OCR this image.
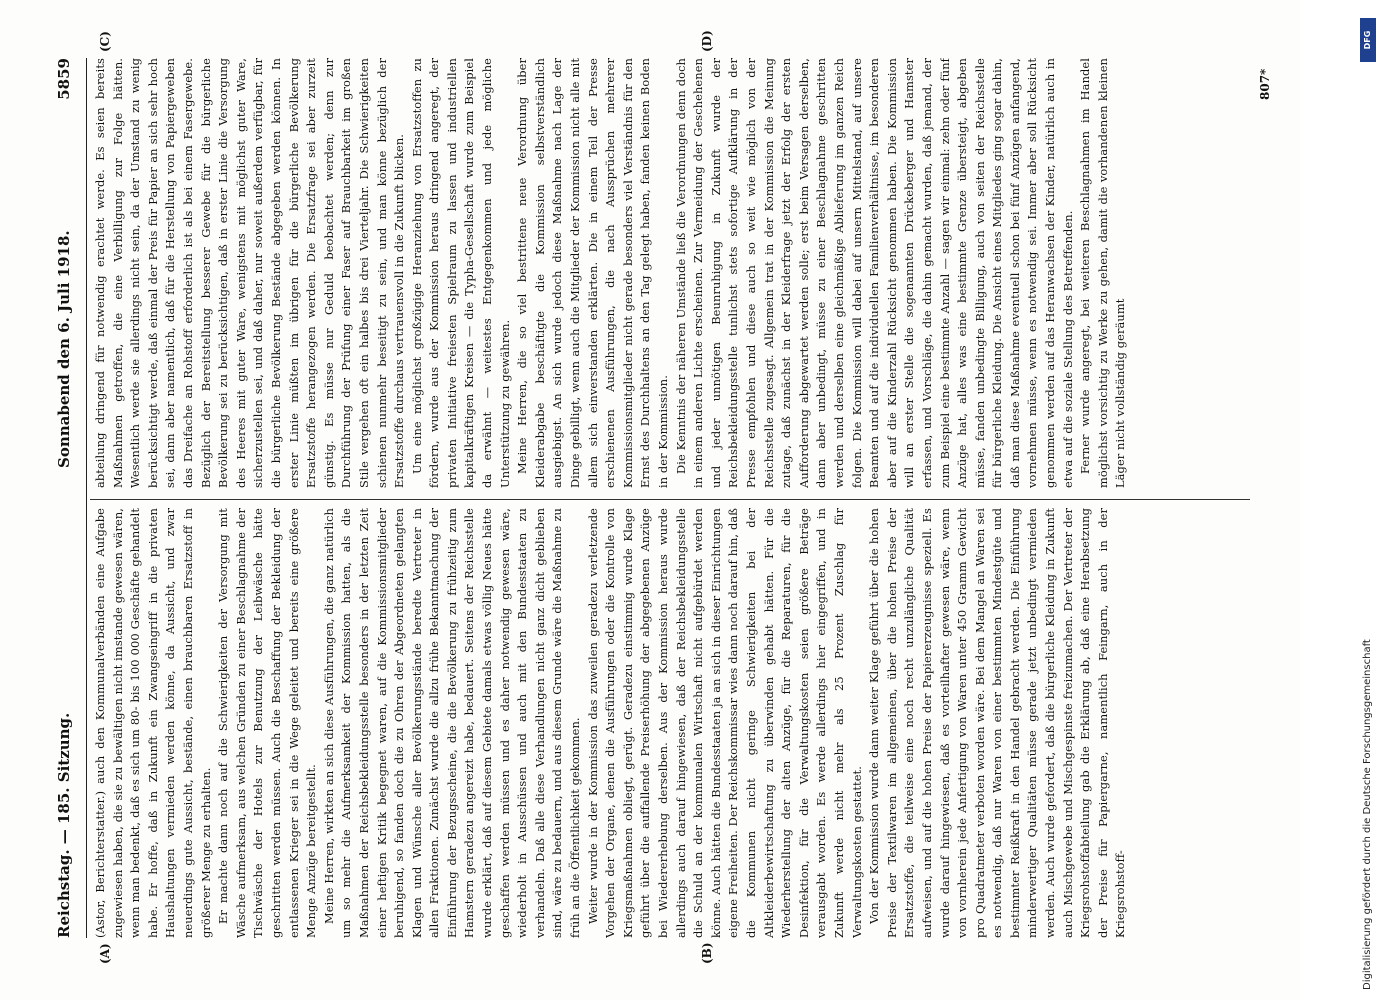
Reichstag. — 185. Sitzung.
Sonnabend den 6. Juli 1918.
5859
(A)	(B)
(C)	(D)

(Astor, Berichterstatter.) auch den Kommunalverbänden eine Aufgabe zugewiesen haben, die sie zu bewältigen nicht imstande gewesen wären, wenn man bedenkt, daß es sich um 80- bis 100 000 Geschäfte gehandelt habe. Er hoffe, daß in Zukunft ein Zwangseingriff in die privaten Haushaltungen vermieden werden könne, da Aussicht, und zwar neuerdings gute Aussicht, bestände, einen brauchbaren Ersatzstoff in größerer Menge zu erhalten. Er machte dann noch auf die Schwierigkeiten der Versorgung mit Wäsche aufmerksam, aus welchen Gründen zu einer Beschlagnahme der Tischwäsche der Hotels zur Benutzung der Leibwäsche hätte geschritten werden müssen. Auch die Beschaffung der Bekleidung der entlassenen Krieger sei in die Wege geleitet und bereits eine größere Menge Anzüge bereitgestellt. Meine Herren, wirkten an sich diese Ausführungen, die ganz natürlich um so mehr die Aufmerksamkeit der Kommission hatten, als die Maßnahmen der Reichsbekleidungsstelle besonders in der letzten Zeit einer heftigen Kritik begegnet waren, auf die Kommissionsmitglieder beruhigend, so fanden doch die zu Ohren der Abgeordneten gelangten Klagen und Wünsche aller Bevölkerungsstände beredte Vertreter in allen Fraktionen. Zunächst wurde die allzu frühe Bekanntmachung der Einführung der Bezugsscheine, die die Bevölkerung zu frühzeitig zum Hamstern geradezu angereizt habe, bedauert. Seitens der Reichsstelle wurde erklärt, daß auf diesem Gebiete damals etwas völlig Neues hätte geschaffen werden müssen und es daher notwendig gewesen wäre, wiederholt in Ausschüssen und auch mit den Bundesstaaten zu verhandeln. Daß alle diese Verhandlungen nicht ganz dicht geblieben sind, wäre zu bedauern, und aus diesem Grunde wäre die Maßnahme zu früh an die Öffentlichkeit gekommen. Weiter wurde in der Kommission das zuweilen geradezu verletzende Vorgehen der Organe, denen die Ausführungen oder die Kontrolle von Kriegsmaßnahmen obliegt, gerügt. Geradezu einstimmig wurde Klage geführt über die auffallende Preiserhöhung der abgegebenen Anzüge bei Wiedererhebung derselben. Aus der Kommission heraus wurde allerdings auch darauf hingewiesen, daß der Reichsbekleidungsstelle die Schuld an der kommunalen Wirtschaft nicht aufgebürdet werden könne. Auch hätten die Bundesstaaten ja an sich in dieser Einrichtungen eigene Freiheiten. Der Reichskommissar wies dann noch darauf hin, daß die Kommunen nicht geringe Schwierigkeiten bei der Altkleiderbewirtschaftung zu überwinden gehabt hätten. Für die Wiederherstellung der alten Anzüge, für die Reparaturen, für die Desinfektion, für die Verwaltungskosten seien größere Beträge verausgabt worden. Es werde allerdings hier eingegriffen, und in Zukunft werde nicht mehr als 25 Prozent Zuschlag für Verwaltungskosten gestattet. Von der Kommission wurde dann weiter Klage geführt über die hohen Preise der Textilwaren im allgemeinen, über die hohen Preise der Ersatzstoffe, die teilweise eine noch recht unzulängliche Qualität aufweisen, und auf die hohen Preise der Papiererzeugnisse speziell. Es wurde darauf hingewiesen, daß es vorteilhafter gewesen wäre, wenn von vornherein jede Anfertigung von Waren unter 450 Gramm Gewicht pro Quadratmeter verboten worden wäre. Bei dem Mangel an Waren sei es notwendig, daß nur Waren von einer bestimmten Mindestgüte und bestimmter Reißkraft in den Handel gebracht werden. Die Einführung minderwertiger Qualitäten müsse gerade jetzt unbedingt vermieden werden. Auch wurde gefordert, daß die bürgerliche Kleidung in Zukunft auch Mischgewebe und Mischgespinste freizumachen. Der Vertreter der Kriegsrohstoffabteilung gab die Erklärung ab, daß eine Herabsetzung der Preise für Papiergarne, namentlich Feingarn, auch in der Kriegsrohstoff-

abteilung dringend für notwendig erachtet werde. Es seien bereits Maßnahmen getroffen, die eine Verbilligung zur Folge hätten. Wesentlich werde sie allerdings nicht sein, da der Umstand zu wenig berücksichtigt werde, daß einmal der Preis für Papier an sich sehr hoch sei, dann aber namentlich, daß für die Herstellung von Papiergeweben das Dreifache an Rohstoff erforderlich ist als bei einem Fasergewebe. Bezüglich der Bereitstellung besserer Gewebe für die bürgerliche Bevölkerung sei zu berücksichtigen, daß in erster Linie die Versorgung des Heeres mit guter Ware, wenigstens mit möglichst guter Ware, sicherzustellen sei, und daß daher, nur soweit außerdem verfügbar, für die bürgerliche Bevölkerung Bestände abgegeben werden können. In erster Linie müßten im übrigen für die bürgerliche Bevölkerung Ersatzstoffe herangezogen werden. Die Ersatzfrage sei aber zurzeit günstig. Es müsse nur Geduld beobachtet werden; denn zur Durchführung der Prüfung einer Faser auf Brauchbarkeit im großen Stile vergehen oft ein halbes bis drei Vierteljahr. Die Schwierigkeiten schienen nunmehr beseitigt zu sein, und man könne bezüglich der Ersatzstoffe durchaus vertrauensvoll in die Zukunft blicken. Um eine möglichst großzügige Heranziehung von Ersatzstoffen zu fördern, wurde aus der Kommission heraus dringend angeregt, der privaten Initiative freiesten Spielraum zu lassen und industriellen kapitalkräftigen Kreisen — die Typha-Gesellschaft wurde zum Beispiel da erwähnt — weitestes Entgegenkommen und jede mögliche Unterstützung zu gewähren. Meine Herren, die so viel bestrittene neue Verordnung über Kleiderabgabe beschäftigte die Kommission selbstverständlich ausgiebigst. An sich wurde jedoch diese Maßnahme nach Lage der Dinge gebilligt, wenn auch die Mitglieder der Kommission nicht alle mit allem sich einverstanden erklärten. Die in einem Teil der Presse erschienenen Ausführungen, die nach Aussprüchen mehrerer Kommissionsmitglieder nicht gerade besonders viel Verständnis für den Ernst des Durchhaltens an den Tag gelegt haben, fanden keinen Boden in der Kommission. Die Kenntnis der näheren Umstände ließ die Verordnungen denn doch in einem anderen Lichte erscheinen. Zur Vermeidung der Geschehenen und jeder unnötigen Beunruhigung in Zukunft wurde der Reichsbekleidungsstelle tunlichst stets sofortige Aufklärung in der Presse empfohlen und diese auch so weit wie möglich von der Reichsstelle zugesagt. Allgemein trat in der Kommission die Meinung zutage, daß zunächst in der Kleiderfrage jetzt der Erfolg der ersten Aufforderung abgewartet werden solle; erst beim Versagen derselben, dann aber unbedingt, müsse zu einer Beschlagnahme geschritten werden und derselben eine gleichmäßige Ablieferung im ganzen Reich folgen. Die Kommission will dabei auf unsern Mittelstand, auf unsere Beamten und auf die individuellen Familienverhältnisse, im besonderen aber auf die Kinderzahl Rücksicht genommen haben. Die Kommission will an erster Stelle die sogenannten Drückeberger und Hamster erfassen, und Vorschläge, die dahin gemacht wurden, daß jemand, der zum Beispiel eine bestimmte Anzahl — sagen wir einmal: zehn oder fünf Anzüge hat, alles was eine bestimmte Grenze übersteigt, abgeben müsse, fanden unbedingte Billigung, auch von seiten der Reichsstelle für bürgerliche Kleidung. Die Ansicht eines Mitgliedes ging sogar dahin, daß man diese Maßnahme eventuell schon bei fünf Anzügen anfangend, vornehmen müsse, wenn es notwendig sei. Immer aber soll Rücksicht genommen werden auf das Heranwachsen der Kinder, natürlich auch in etwa auf die soziale Stellung des Betreffenden. Ferner wurde angeregt, bei weiteren Beschlagnahmen im Handel möglichst vorsichtig zu Werke zu gehen, damit die vorhandenen kleinen Läger nicht vollständig geräumt

807*
DFG
Digitalisierung gefördert durch die Deutsche Forschungsgemeinschaft
